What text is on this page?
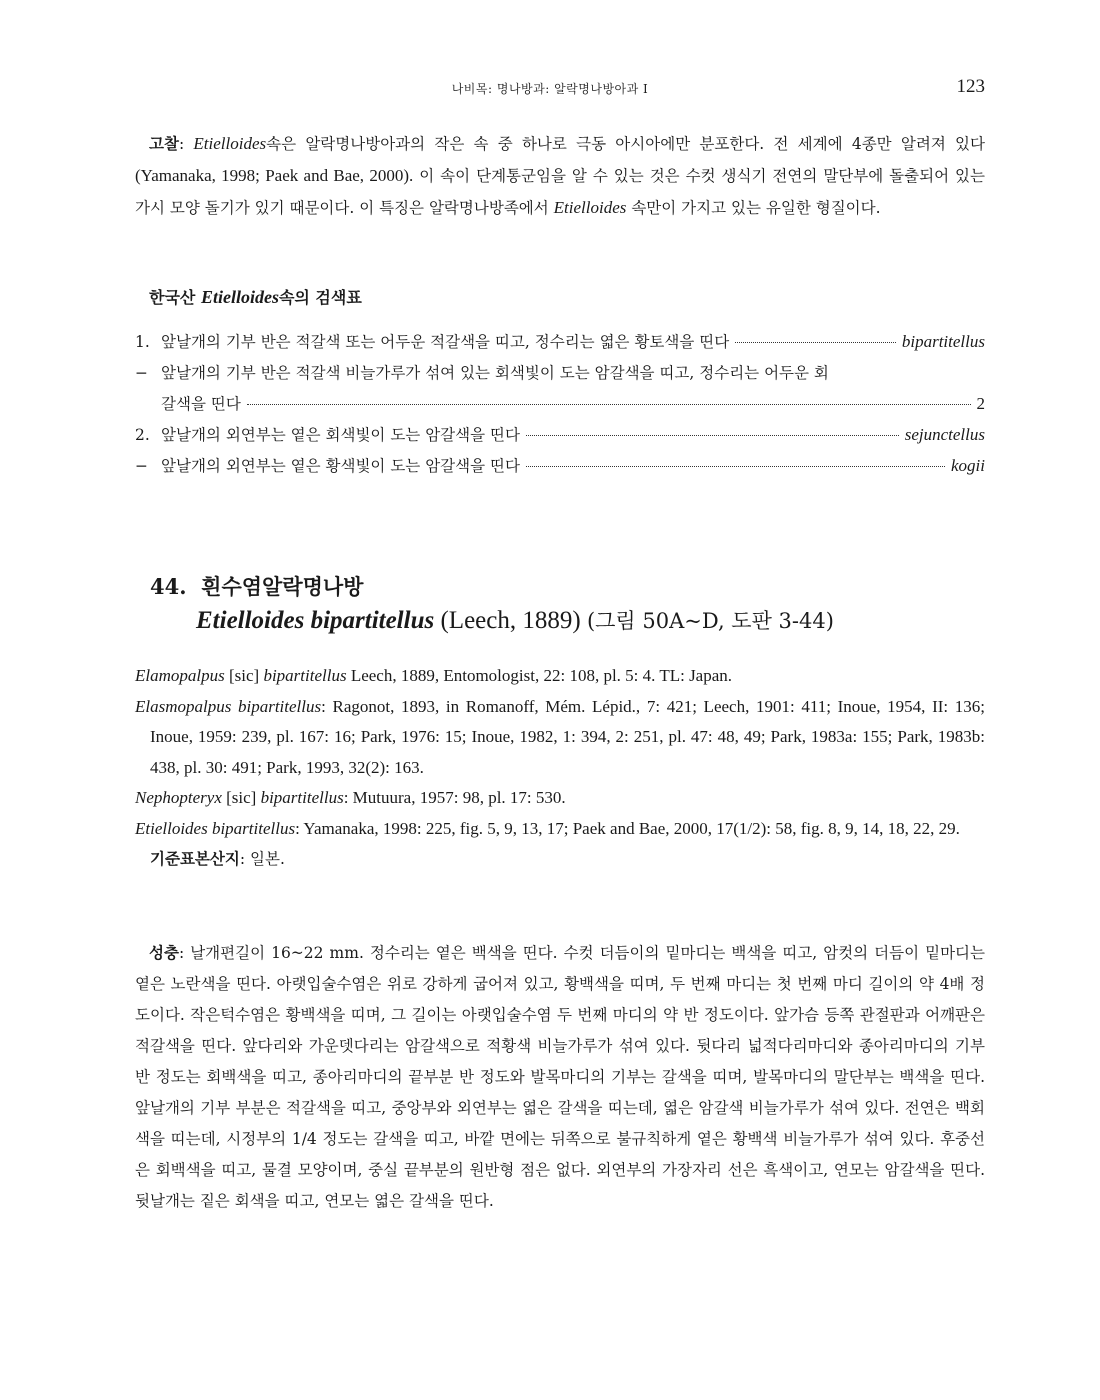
나비목: 명나방과: 알락명나방아과 I	123

고찰: Etielloides속은 알락명나방아과의 작은 속 중 하나로 극동 아시아에만 분포한다. 전 세계에 4종만 알려져 있다(Yamanaka, 1998; Paek and Bae, 2000). 이 속이 단계통군임을 알 수 있는 것은 수컷 생식기 전연의 말단부에 돌출되어 있는 가시 모양 돌기가 있기 때문이다. 이 특징은 알락명나방족에서 Etielloides 속만이 가지고 있는 유일한 형질이다.

한국산 Etielloides속의 검색표
1. 앞날개의 기부 반은 적갈색 또는 어두운 적갈색을 띠고, 정수리는 엷은 황토색을 띤다	bipartitellus
− 앞날개의 기부 반은 적갈색 비늘가루가 섞여 있는 회색빛이 도는 암갈색을 띠고, 정수리는 어두운 회
갈색을 띤다	2
2. 앞날개의 외연부는 옅은 회색빛이 도는 암갈색을 띤다	sejunctellus
− 앞날개의 외연부는 옅은 황색빛이 도는 암갈색을 띤다	kogii
44. 흰수염알락명나방
Etielloides bipartitellus (Leech, 1889) (그림 50A~D, 도판 3-44)
Elamopalpus [sic] bipartitellus Leech, 1889, Entomologist, 22: 108, pl. 5: 4. TL: Japan.
Elasmopalpus bipartitellus: Ragonot, 1893, in Romanoff, Mém. Lépid., 7: 421; Leech, 1901: 411; Inoue, 1954, II: 136; Inoue, 1959: 239, pl. 167: 16; Park, 1976: 15; Inoue, 1982, 1: 394, 2: 251, pl. 47: 48, 49; Park, 1983a: 155; Park, 1983b: 438, pl. 30: 491; Park, 1993, 32(2): 163.
Nephopteryx [sic] bipartitellus: Mutuura, 1957: 98, pl. 17: 530.
Etielloides bipartitellus: Yamanaka, 1998: 225, fig. 5, 9, 13, 17; Paek and Bae, 2000, 17(1/2): 58, fig. 8, 9, 14, 18, 22, 29.
기준표본산지: 일본.

성충: 날개편길이 16~22 mm. 정수리는 옅은 백색을 띤다. 수컷 더듬이의 밑마디는 백색을 띠고, 암컷의 더듬이 밑마디는 옅은 노란색을 띤다. 아랫입술수염은 위로 강하게 굽어져 있고, 황백색을 띠며, 두 번째 마디는 첫 번째 마디 길이의 약 4배 정도이다. 작은턱수염은 황백색을 띠며, 그 길이는 아랫입술수염 두 번째 마디의 약 반 정도이다. 앞가슴 등쪽 관절판과 어깨판은 적갈색을 띤다. 앞다리와 가운뎃다리는 암갈색으로 적황색 비늘가루가 섞여 있다. 뒷다리 넓적다리마디와 종아리마디의 기부 반 정도는 회백색을 띠고, 종아리마디의 끝부분 반 정도와 발목마디의 기부는 갈색을 띠며, 발목마디의 말단부는 백색을 띤다. 앞날개의 기부 부분은 적갈색을 띠고, 중앙부와 외연부는 엷은 갈색을 띠는데, 엷은 암갈색 비늘가루가 섞여 있다. 전연은 백회색을 띠는데, 시정부의 1/4 정도는 갈색을 띠고, 바깥 면에는 뒤쪽으로 불규칙하게 옅은 황백색 비늘가루가 섞여 있다. 후중선은 회백색을 띠고, 물결 모양이며, 중실 끝부분의 원반형 점은 없다. 외연부의 가장자리 선은 흑색이고, 연모는 암갈색을 띤다. 뒷날개는 짙은 회색을 띠고, 연모는 엷은 갈색을 띤다.
